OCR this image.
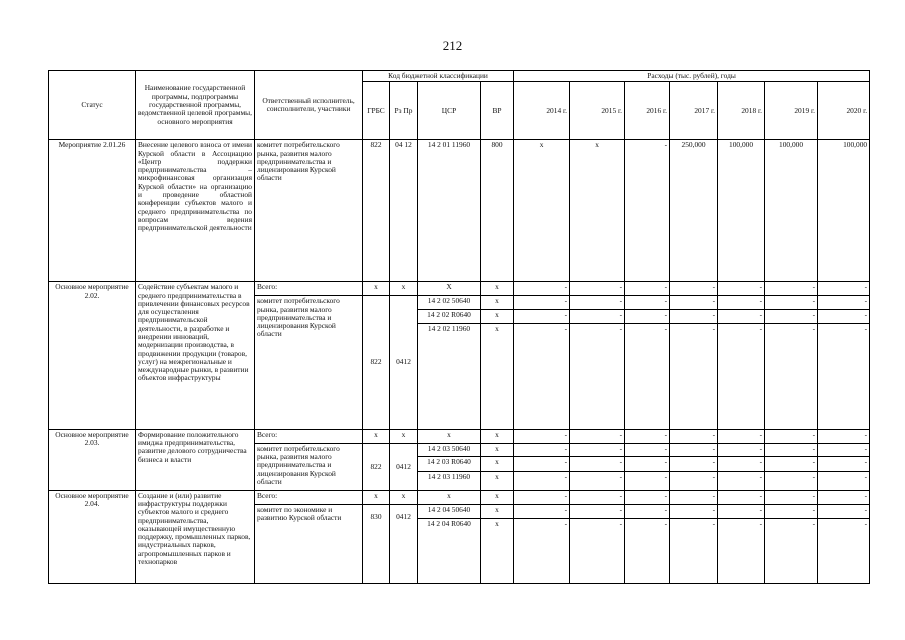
212
Статус	Наименование государственной программы, подпрограммы государственной программы, ведомственной целевой программы, основного мероприятия	Ответственный исполнитель, соисполнители, участники	Код бюджетной классификации				Расходы (тыс. рублей), годы							
			ГРБС	Рз Пр	ЦСР	ВР	2014 г.	2015 г.	2016 г.	2017 г.	2018 г.	2019 г.	2020 г.	
Мероприятие 2.01.26	Внесение целевого взноса от имени Курской области в Ассоциацию «Центр поддержки предпринимательства – микрофинансовая организация Курской области» на организацию и проведение областной конференции субъектов малого и среднего предпринимательства по вопросам ведения предпринимательской деятельности	комитет потребительского рынка, развития малого предпринимательства и лицензирования Курской области	822	04 12	14 2 01 11960	800	x	x	-	250,000	100,000	100,000	100,000	
Основное мероприятие 2.02.	Содействие субъектам малого и среднего предпринимательства в привлечении финансовых ресурсов для осуществления предпринимательской деятельности, в разработке и внедрении инноваций, модернизации производства, в продвижении продукции (товаров, услуг) на межрегиональные и международные рынки, в развитии объектов инфраструктуры	Всего:	x	x	X	x	-	-	-	-	-	-	-	
		комитет потребительского рынка, развития малого предпринимательства и лицензирования Курской области	822	0412	14 2 02 50640	x	-	-	-	-	-	-	-	
					14 2 02 R0640	x	-	-	-	-	-	-	-	
					14 2 02 11960	x	-	-	-	-	-	-	-	

Основное мероприятие 2.03.	Формирование положительного имиджа предпринимательства, развитие делового сотрудничества бизнеса и власти	Всего:	x	x	x	x	-	-	-	-	-	-	-	
		комитет потребительского рынка, развития малого предпринимательства и лицензирования Курской области	822	0412	14 2 03 50640	x	-	-	-	-	-	-	-	
					14 2 03 R0640	x	-	-	-	-	-	-	-	
					14 2 03 11960	x	-	-	-	-	-	-	-	
Основное мероприятие 2.04.	Создание и (или) развитие инфраструктуры поддержки субъектов малого и среднего предпринимательства, оказывающей имущественную поддержку, промышленных парков, индустриальных парков, агропромышленных парков и технопарков	Всего:	x	x	x	x	-	-	-	-	-	-	-	
		комитет по экономике и развитию Курской области	830	0412	14 2 04 50640	x	-	-	-	-	-	-	-	
					14 2 04 R0640	x	-	-	-	-	-	-	-	
